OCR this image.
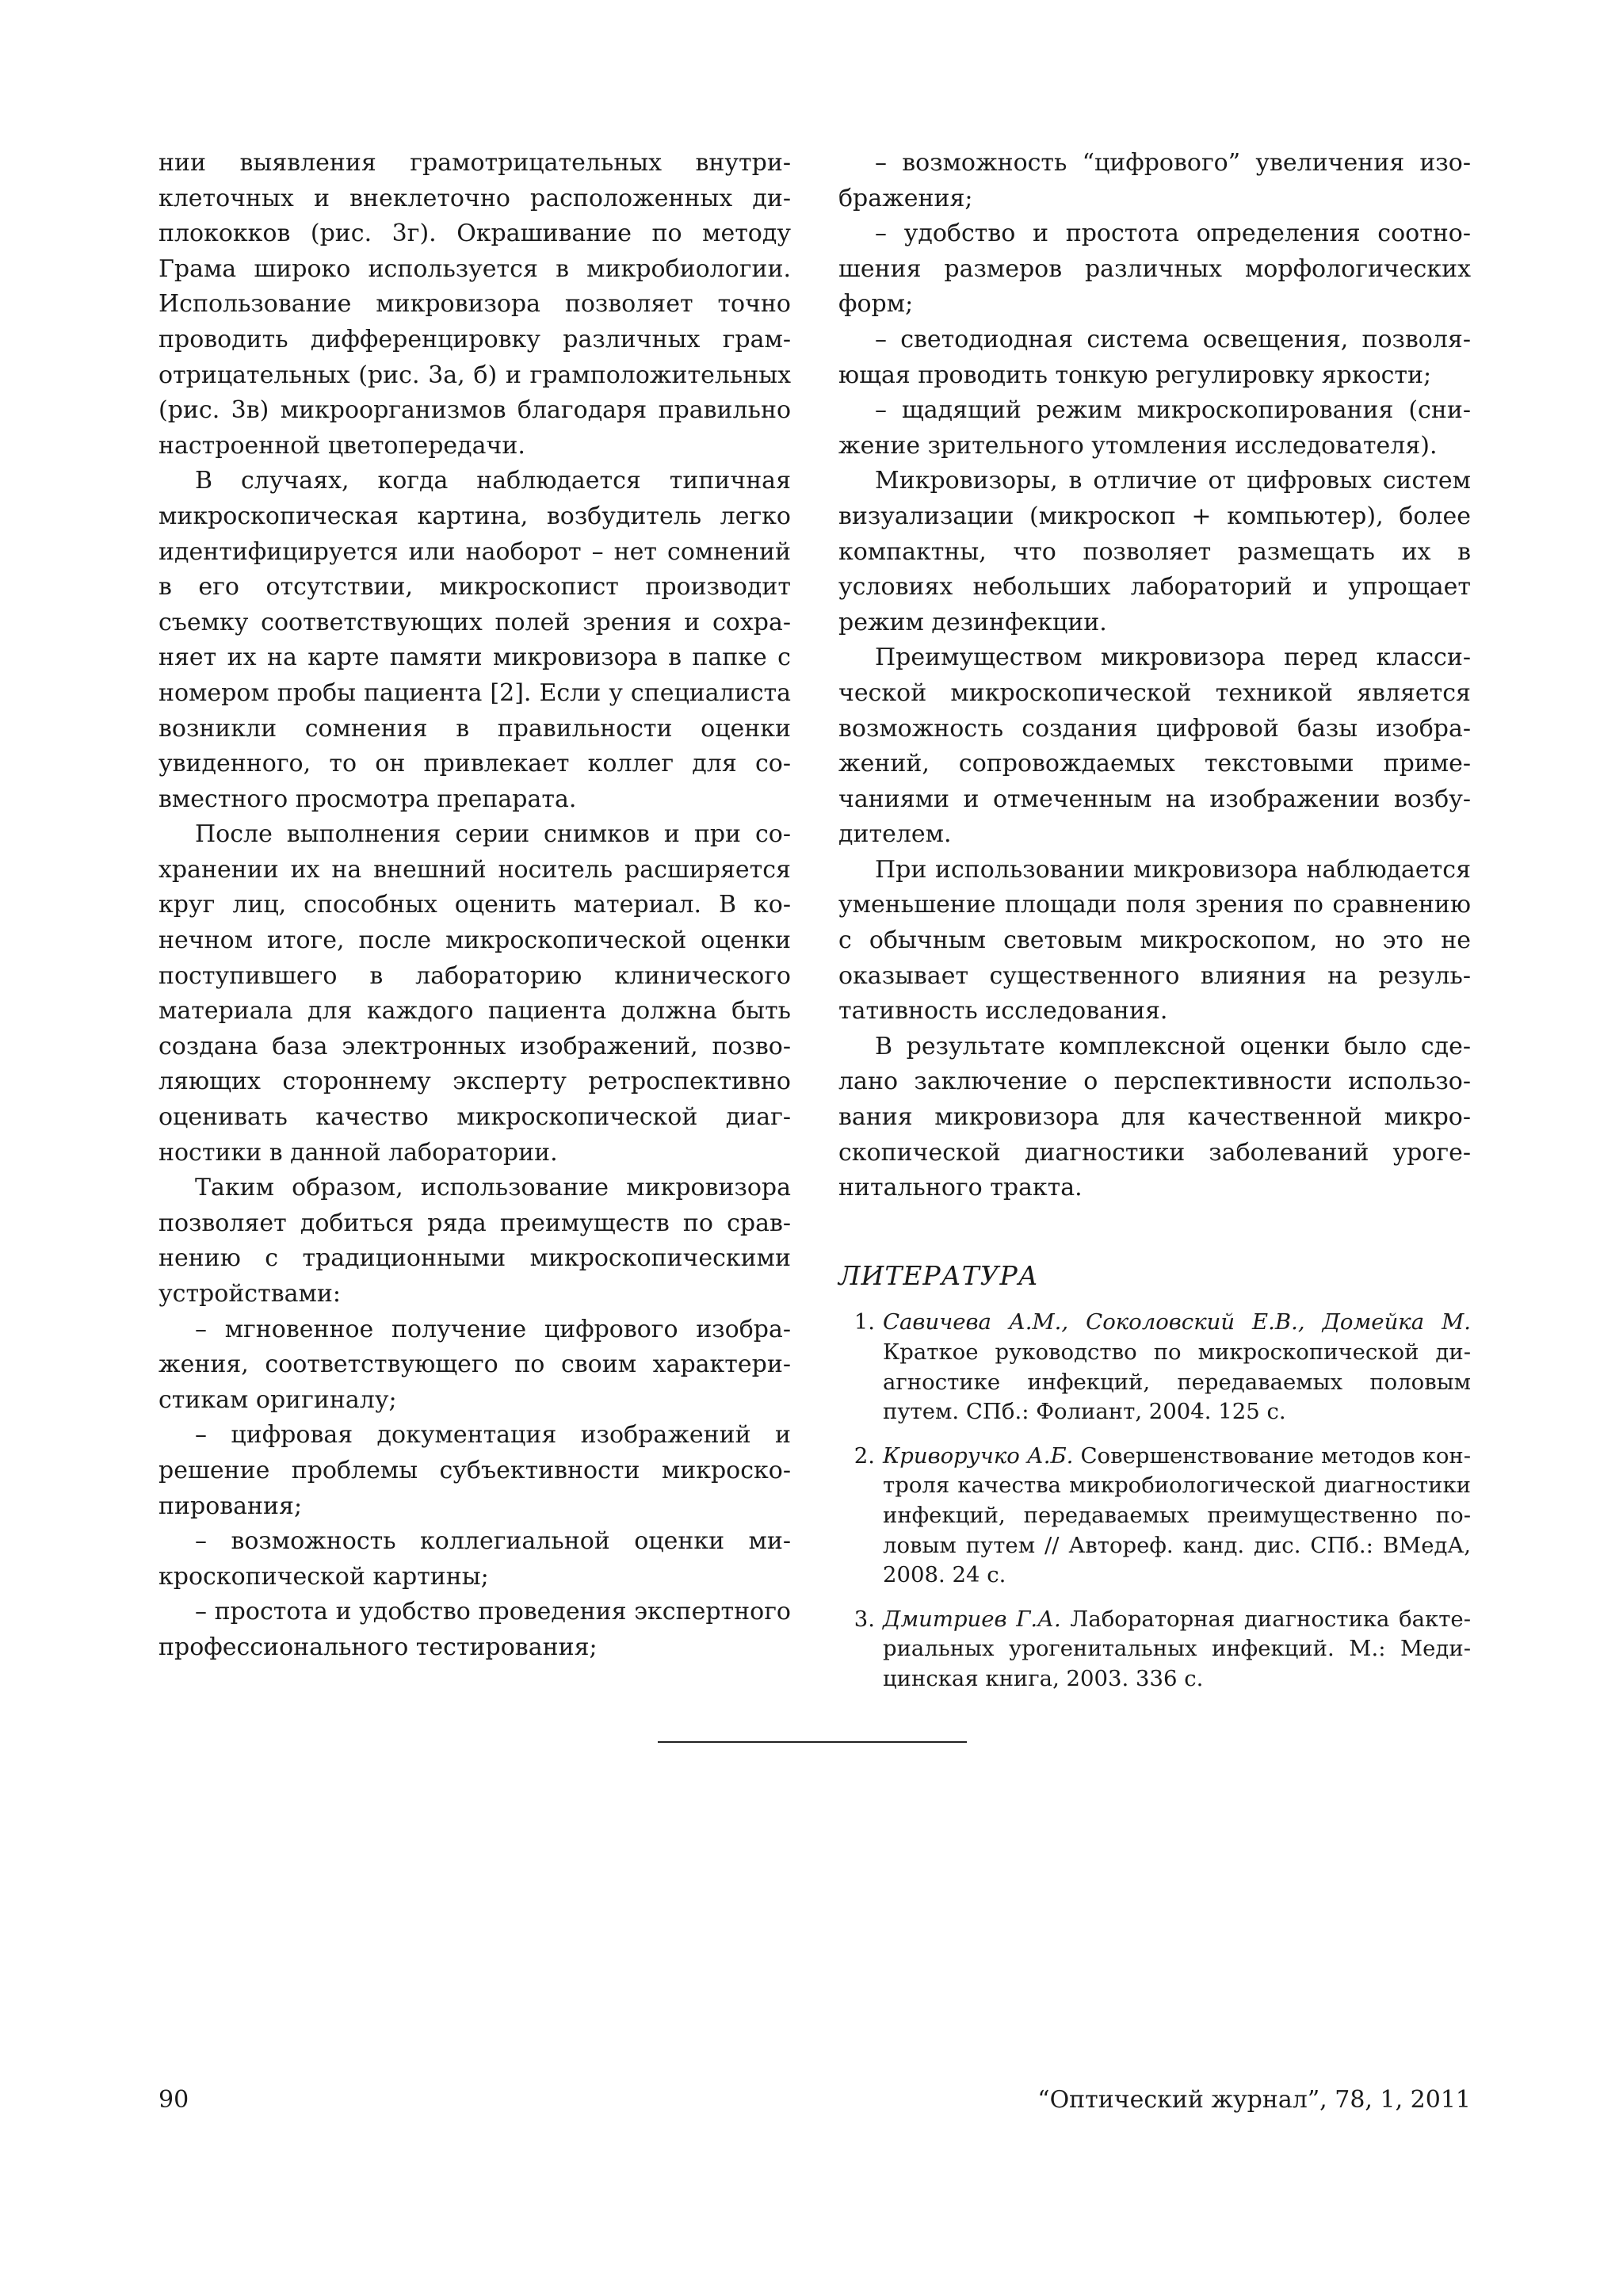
нии выявления грамотрицательных внутриклеточных и внеклеточно расположенных диплококков (рис. 3г). Окрашивание по методу Грама широко используется в микробиологии. Использование микровизора позволяет точно проводить дифференцировку различных грамотрицательных (рис. 3а, б) и грамположительных (рис. 3в) микроорганизмов благодаря правильно настроенной цветопередачи.

В случаях, когда наблюдается типичная микроскопическая картина, возбудитель легко идентифицируется или наоборот – нет сомнений в его отсутствии, микроскопист производит съемку соответствующих полей зрения и сохраняет их на карте памяти микровизора в папке с номером пробы пациента [2]. Если у специалиста возникли сомнения в правильности оценки увиденного, то он привлекает коллег для совместного просмотра препарата.

После выполнения серии снимков и при сохранении их на внешний носитель расширяется круг лиц, способных оценить материал. В конечном итоге, после микроскопической оценки поступившего в лабораторию клинического материала для каждого пациента должна быть создана база электронных изображений, позволяющих стороннему эксперту ретроспективно оценивать качество микроскопической диагностики в данной лаборатории.

Таким образом, использование микровизора позволяет добиться ряда преимуществ по сравнению с традиционными микроскопическими устройствами:

– мгновенное получение цифрового изображения, соответствующего по своим характеристикам оригиналу;

– цифровая документация изображений и решение проблемы субъективности микроскопирования;

– возможность коллегиальной оценки микроскопической картины;

– простота и удобство проведения экспертного профессионального тестирования;

– возможность “цифрового” увеличения изображения;

– удобство и простота определения соотношения размеров различных морфологических форм;

– светодиодная система освещения, позволяющая проводить тонкую регулировку яркости;

– щадящий режим микроскопирования (снижение зрительного утомления исследователя).

Микровизоры, в отличие от цифровых систем визуализации (микроскоп + компьютер), более компактны, что позволяет размещать их в условиях небольших лабораторий и упрощает режим дезинфекции.

Преимуществом микровизора перед классической микроскопической техникой является возможность создания цифровой базы изображений, сопровождаемых текстовыми примечаниями и отмеченным на изображении возбудителем.

При использовании микровизора наблюдается уменьшение площади поля зрения по сравнению с обычным световым микроскопом, но это не оказывает существенного влияния на результативность исследования.

В результате комплексной оценки было сделано заключение о перспективности использования микровизора для качественной микроскопической диагностики заболеваний урогенитального тракта.

ЛИТЕРАТУРА
1. Савичева А.М., Соколовский Е.В., Домейка М. Краткое руководство по микроскопической диагностике инфекций, передаваемых половым путем. СПб.: Фолиант, 2004. 125 с.
2. Криворучко А.Б. Совершенствование методов контроля качества микробиологической диагностики инфекций, передаваемых преимущественно половым путем // Автореф. канд. дис. СПб.: ВМедА, 2008. 24 с.
3. Дмитриев Г.А. Лабораторная диагностика бактериальных урогенитальных инфекций. М.: Медицинская книга, 2003. 336 с.
90	“Оптический журнал”, 78, 1, 2011
